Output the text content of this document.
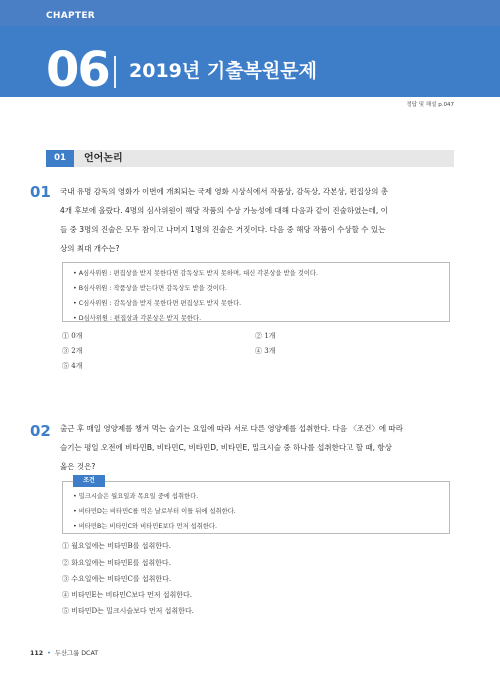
CHAPTER
06 2019년 기출복원문제
정답 및 해설 p.047
01	언어논리
01 국내 유명 감독의 영화가 이번에 개최되는 국제 영화 시상식에서 작품상, 감독상, 각본상, 편집상의 총
4개 후보에 올랐다. 4명의 심사위원이 해당 작품의 수상 가능성에 대해 다음과 같이 진술하였는데, 이
들 중 3명의 진술은 모두 참이고 나머지 1명의 진술은 거짓이다. 다음 중 해당 작품이 수상할 수 있는
상의 최대 개수는?
• A심사위원 : 편집상을 받지 못한다면 감독상도 받지 못하며, 대신 각본상을 받을 것이다.
• B심사위원 : 작품상을 받는다면 감독상도 받을 것이다.
• C심사위원 : 감독상을 받지 못한다면 편집상도 받지 못한다.
• D심사위원 : 편집상과 각본상은 받지 못한다.
① 0개	② 1개
③ 2개	④ 3개
⑤ 4개
02 출근 후 매일 영양제를 챙겨 먹는 슬기는 요일에 따라 서로 다른 영양제를 섭취한다. 다음 〈조건〉에 따라
슬기는 평일 오전에 비타민B, 비타민C, 비타민D, 비타민E, 밀크시슬 중 하나를 섭취한다고 할 때, 항상
옳은 것은?
조건
• 밀크시슬은 월요일과 목요일 중에 섭취한다.
• 비타민D는 비타민C를 먹은 날로부터 이틀 뒤에 섭취한다.
• 비타민B는 비타민C와 비타민E보다 먼저 섭취한다.
① 월요일에는 비타민B를 섭취한다.
② 화요일에는 비타민E를 섭취한다.
③ 수요일에는 비타민C를 섭취한다.
④ 비타민E는 비타민C보다 먼저 섭취한다.
⑤ 비타민D는 밀크시슬보다 먼저 섭취한다.
112 • 두산그룹 DCAT
